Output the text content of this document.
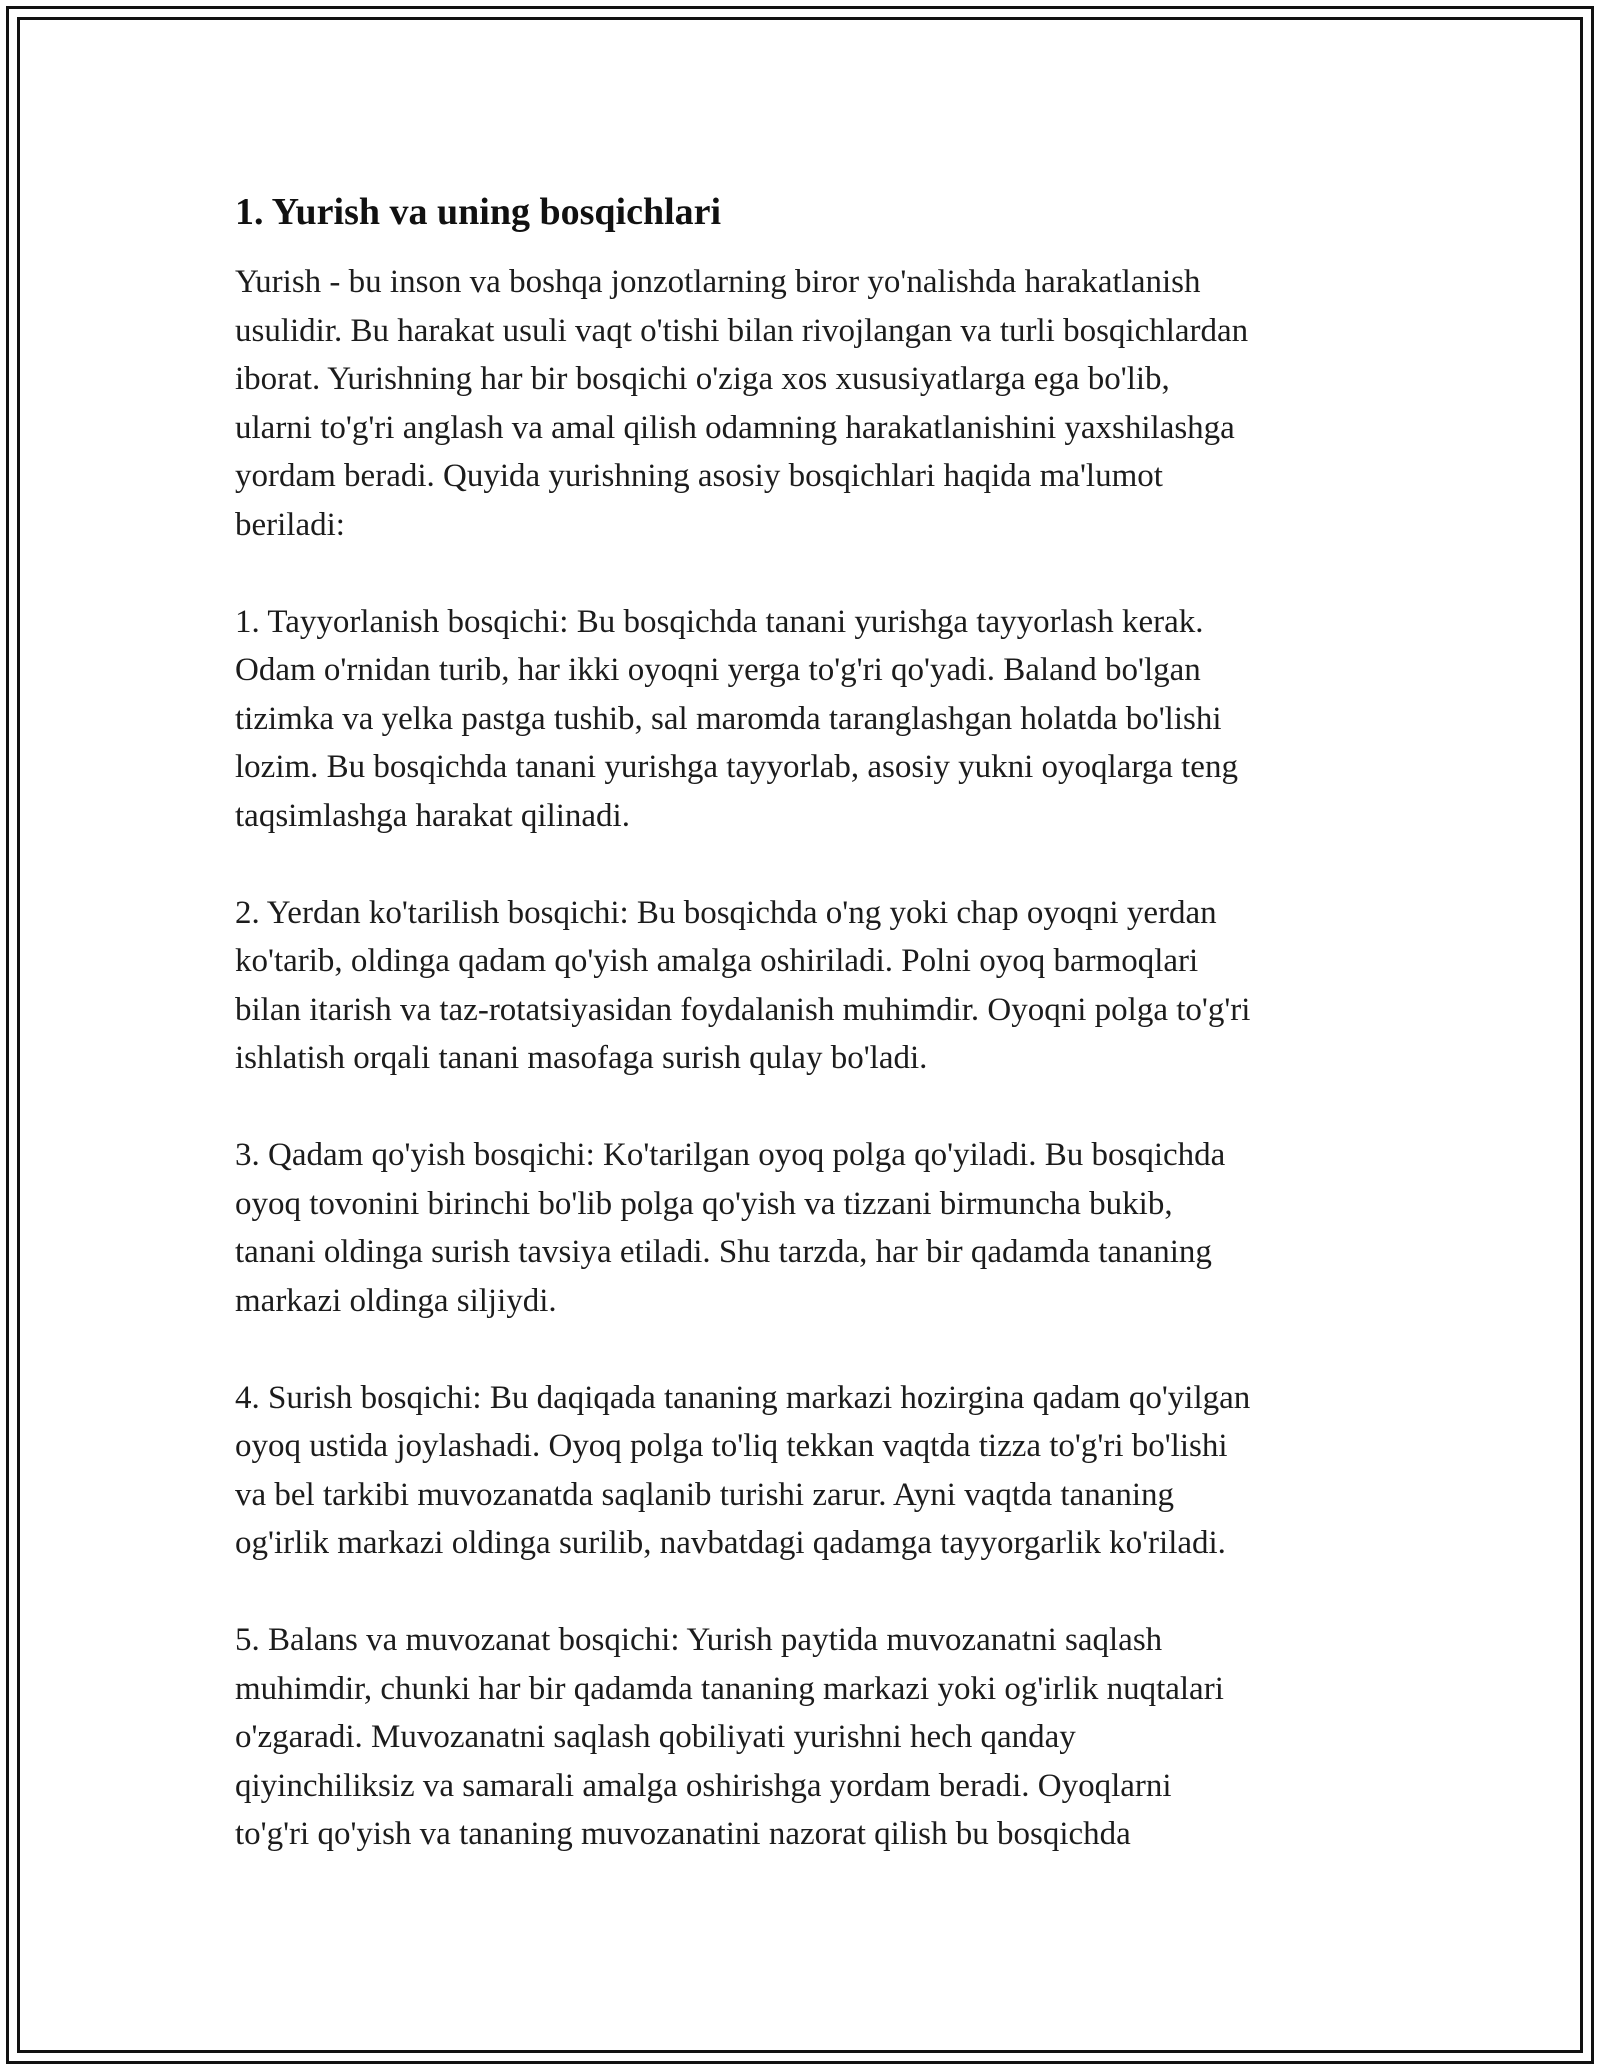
1. Yurish va uning bosqichlari

Yurish - bu inson va boshqa jonzotlarning biror yo'nalishda harakatlanish
usulidir. Bu harakat usuli vaqt o'tishi bilan rivojlangan va turli bosqichlardan
iborat. Yurishning har bir bosqichi o'ziga xos xususiyatlarga ega bo'lib,
ularni to'g'ri anglash va amal qilish odamning harakatlanishini yaxshilashga
yordam beradi. Quyida yurishning asosiy bosqichlari haqida ma'lumot
beriladi:

1. Tayyorlanish bosqichi: Bu bosqichda tanani yurishga tayyorlash kerak.
Odam o'rnidan turib, har ikki oyoqni yerga to'g'ri qo'yadi. Baland bo'lgan
tizimka va yelka pastga tushib, sal maromda taranglashgan holatda bo'lishi
lozim. Bu bosqichda tanani yurishga tayyorlab, asosiy yukni oyoqlarga teng
taqsimlashga harakat qilinadi.

2. Yerdan ko'tarilish bosqichi: Bu bosqichda o'ng yoki chap oyoqni yerdan
ko'tarib, oldinga qadam qo'yish amalga oshiriladi. Polni oyoq barmoqlari
bilan itarish va taz-rotatsiyasidan foydalanish muhimdir. Oyoqni polga to'g'ri
ishlatish orqali tanani masofaga surish qulay bo'ladi.

3. Qadam qo'yish bosqichi: Ko'tarilgan oyoq polga qo'yiladi. Bu bosqichda
oyoq tovonini birinchi bo'lib polga qo'yish va tizzani birmuncha bukib,
tanani oldinga surish tavsiya etiladi. Shu tarzda, har bir qadamda tananing
markazi oldinga siljiydi.

4. Surish bosqichi: Bu daqiqada tananing markazi hozirgina qadam qo'yilgan
oyoq ustida joylashadi. Oyoq polga to'liq tekkan vaqtda tizza to'g'ri bo'lishi
va bel tarkibi muvozanatda saqlanib turishi zarur. Ayni vaqtda tananing
og'irlik markazi oldinga surilib, navbatdagi qadamga tayyorgarlik ko'riladi.

5. Balans va muvozanat bosqichi: Yurish paytida muvozanatni saqlash
muhimdir, chunki har bir qadamda tananing markazi yoki og'irlik nuqtalari
o'zgaradi. Muvozanatni saqlash qobiliyati yurishni hech qanday
qiyinchiliksiz va samarali amalga oshirishga yordam beradi. Oyoqlarni
to'g'ri qo'yish va tananing muvozanatini nazorat qilish bu bosqichda
